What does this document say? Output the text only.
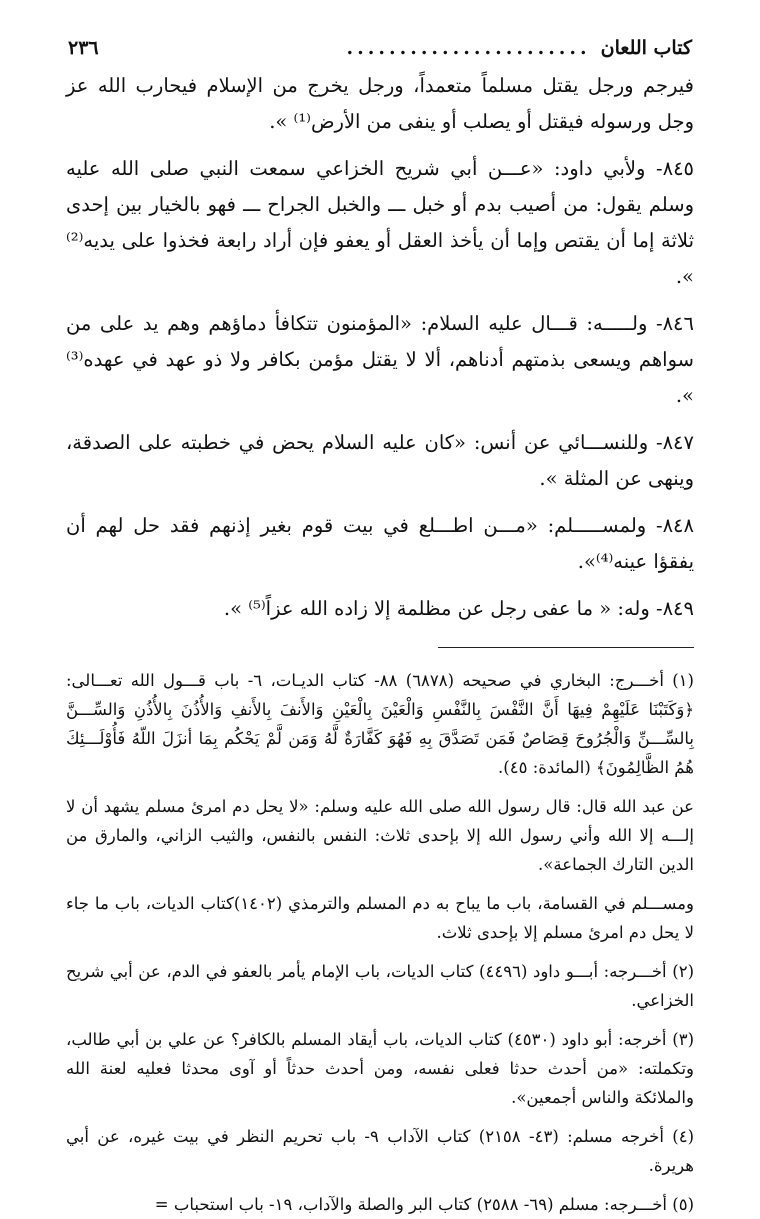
كتاب اللعان
.......................
٢٣٦

فيرجم ورجل يقتل مسلماً متعمداً، ورجل يخرج من الإسلام فيحارب الله عز وجل ورسوله فيقتل أو يصلب أو ينفى من الأرض⁽¹⁾ ».

٨٤٥- ولأبي داود: «عـــن أبي شريح الخزاعي سمعت النبي صلى الله عليه وسلم يقول: من أصيب بدم أو خبل ـــ والخبل الجراح ـــ فهو بالخيار بين إحدى ثلاثة إما أن يقتص وإما أن يأخذ العقل أو يعفو فإن أراد رابعة فخذوا على يديه⁽²⁾ ».

٨٤٦- ولـــــه: قـــال عليه السلام: «المؤمنون تتكافأ دماؤهم وهم يد على من سواهم ويسعى بذمتهم أدناهم، ألا لا يقتل مؤمن بكافر ولا ذو عهد في عهده⁽³⁾ ».

٨٤٧- وللنســـائي عن أنس: «كان عليه السلام يحض في خطبته على الصدقة، وينهى عن المثلة ».

٨٤٨- ولمســـــلم: «مـــن اطـــلع في بيت قوم بغير إذنهم فقد حل لهم أن يفقؤا عينه⁽⁴⁾».

٨٤٩- وله: « ما عفى رجل عن مظلمة إلا زاده الله عزاً⁽⁵⁾ ».

(١) أخـــرج: البخاري في صحيحه (٦٨٧٨) ٨٨- كتاب الديـات، ٦- باب قـــول الله تعـــالى: ﴿وَكَتَبْنَا عَلَيْهِمْ فِيهَا أَنَّ النَّفْسَ بِالنَّفْسِ وَالْعَيْنَ بِالْعَيْنِ وَالأَنفَ بِالأَنفِ وَالأُذُنَ بِالأُذُنِ وَالسِّـــنَّ بِالسِّـــنِّ وَالْجُرُوحَ قِصَاصٌ فَمَن تَصَدَّقَ بِهِ فَهُوَ كَفَّارَةٌ لَّهُ وَمَن لَّمْ يَحْكُم بِمَا أنزَلَ اللّهُ فَأُوْلَـــئِكَ هُمُ الظَّالِمُونَ﴾ (المائدة: ٤٥).

عن عبد الله قال: قال رسول الله صلى الله عليه وسلم: «لا يحل دم امرئ مسلم يشهد أن لا إلـــه إلا الله وأني رسول الله إلا بإحدى ثلاث: النفس بالنفس، والثيب الزاني، والمارق من الدين التارك الجماعة».

ومســـلم في القسامة، باب ما يباح به دم المسلم والترمذي (١٤٠٢)كتاب الديات، باب ما جاء لا يحل دم امرئ مسلم إلا بإحدى ثلاث.

(٢) أخـــرجه: أبـــو داود (٤٤٩٦) كتاب الديات، باب الإمام يأمر بالعفو في الدم، عن أبي شريح الخزاعي.

(٣) أخرجه: أبو داود (٤٥٣٠) كتاب الديات، باب أيقاد المسلم بالكافر؟ عن علي بن أبي طالب، وتكملته: «من أحدث حدثا فعلى نفسه، ومن أحدث حدثاً أو آوى محدثا فعليه لعنة الله والملائكة والناس أجمعين».

(٤) أخرجه مسلم: (٤٣- ٢١٥٨) كتاب الآداب ٩- باب تحريم النظر في بيت غيره، عن أبي هريرة.

(٥) أخـــرجه: مسلم (٦٩- ٢٥٨٨) كتاب البر والصلة والآداب، ١٩- باب استحباب =
